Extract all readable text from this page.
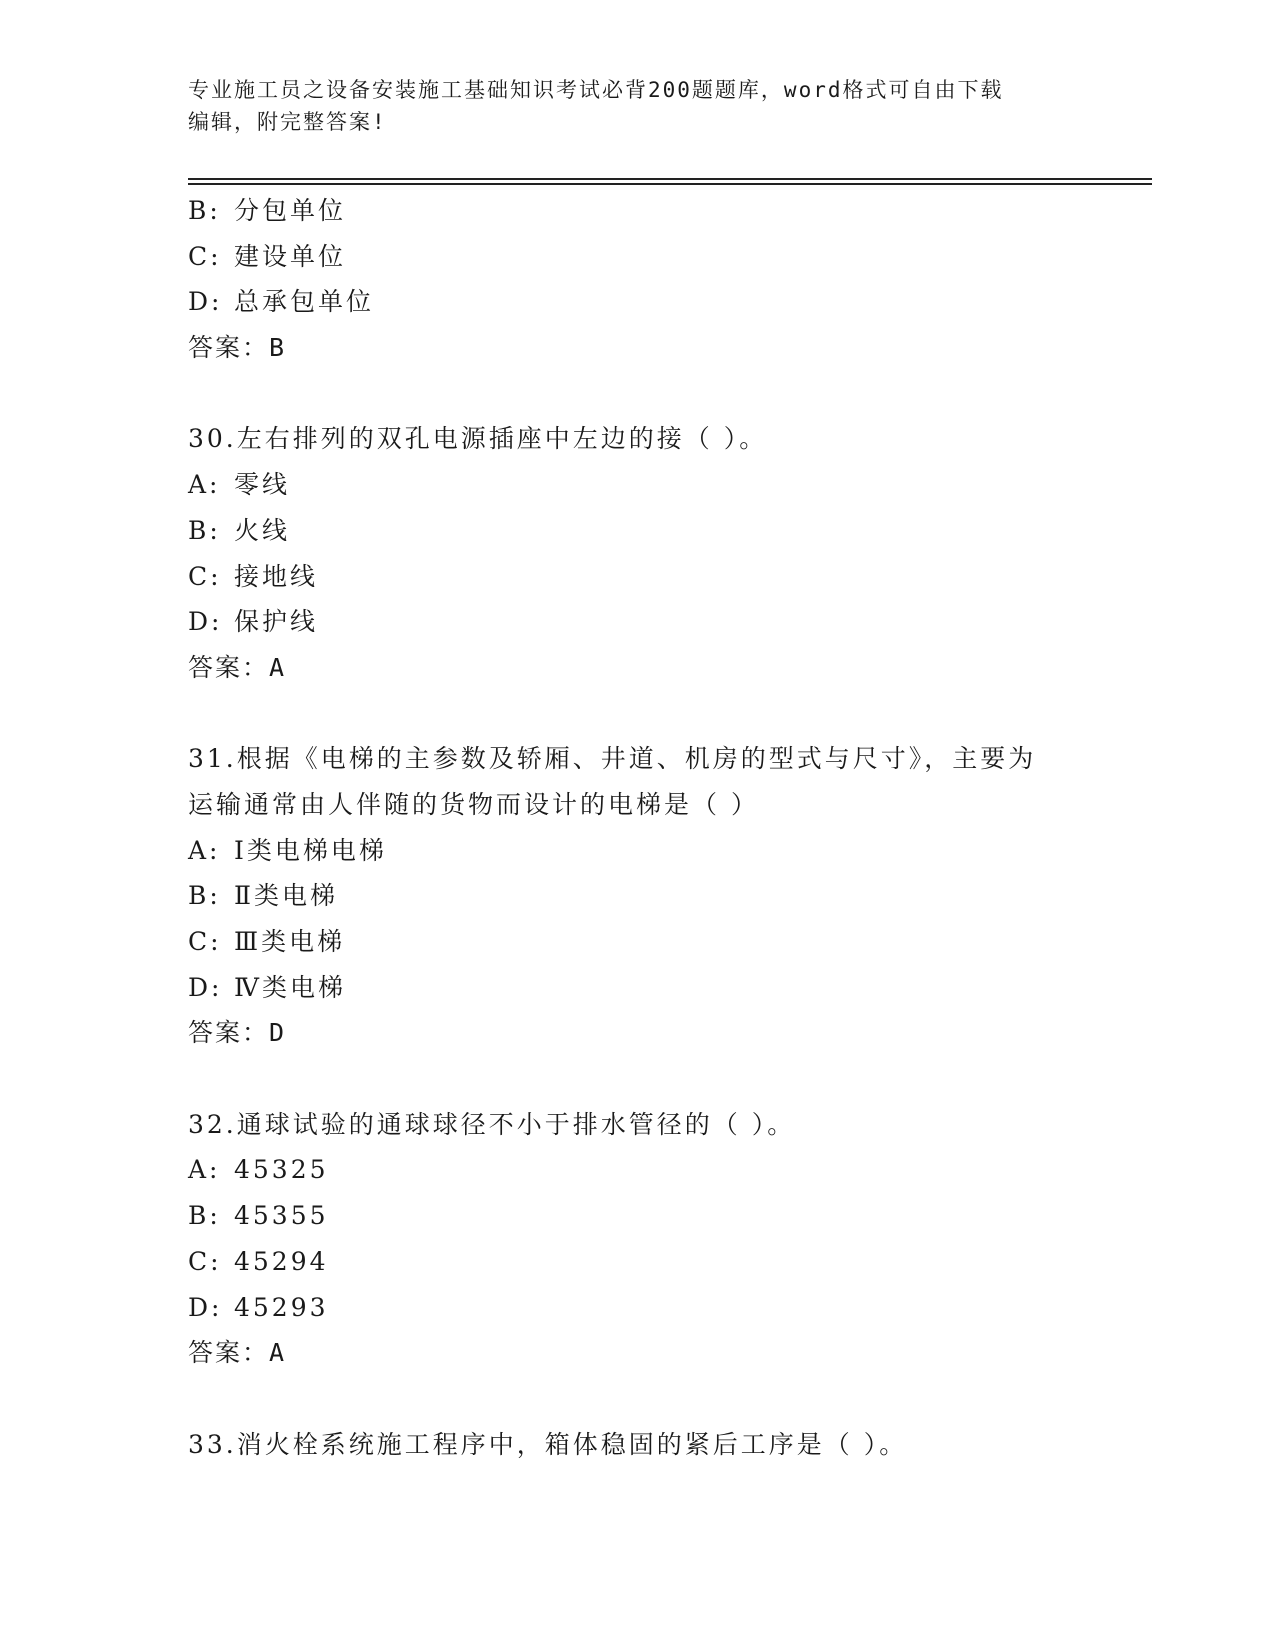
专业施工员之设备安装施工基础知识考试必背200题题库，word格式可自由下载
编辑，附完整答案!
B: 分包单位
C: 建设单位
D: 总承包单位
答案：B
30.左右排列的双孔电源插座中左边的接（ ）。
A: 零线
B: 火线
C: 接地线
D: 保护线
答案：A
31.根据《电梯的主参数及轿厢、井道、机房的型式与尺寸》，主要为
运输通常由人伴随的货物而设计的电梯是（ ）
A: Ⅰ类电梯电梯
B: Ⅱ类电梯
C: Ⅲ类电梯
D: Ⅳ类电梯
答案：D
32.通球试验的通球球径不小于排水管径的（ ）。
A: 45325
B: 45355
C: 45294
D: 45293
答案：A
33.消火栓系统施工程序中，箱体稳固的紧后工序是（ ）。
